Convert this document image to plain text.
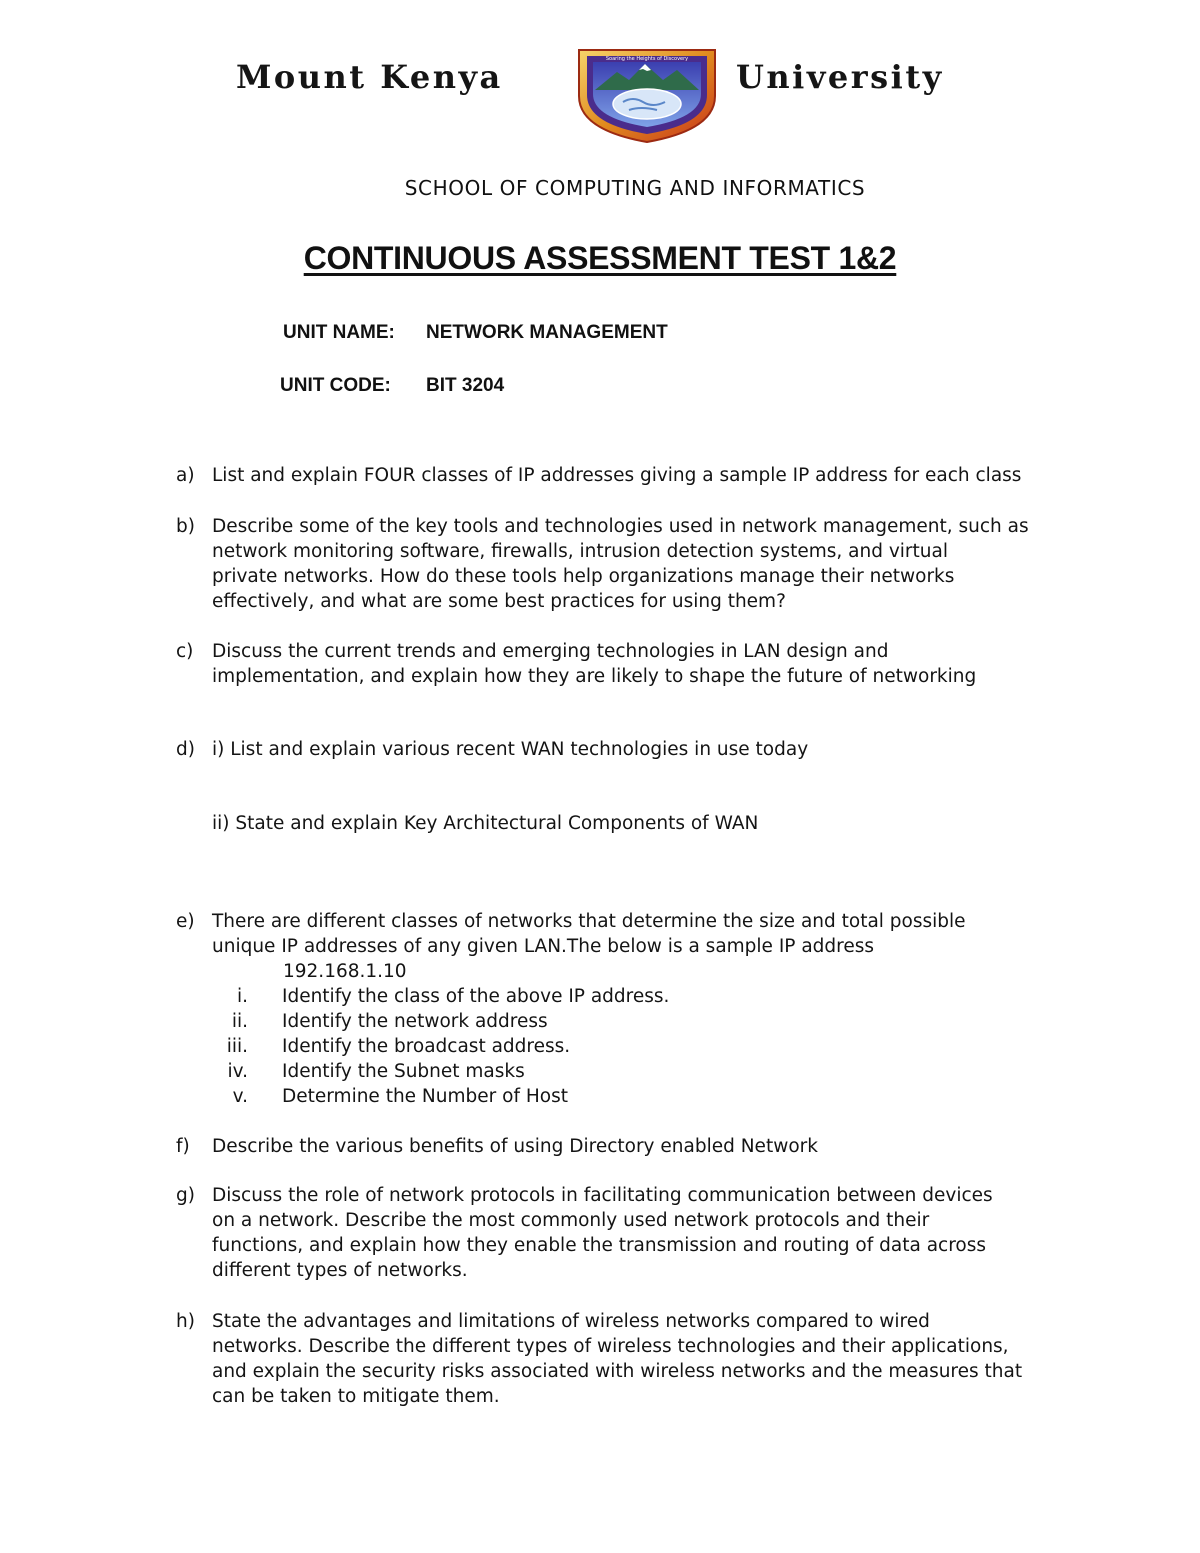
Mount Kenya	Soaring the Heights of Discovery University
SCHOOL OF COMPUTING AND INFORMATICS
CONTINUOUS ASSESSMENT TEST 1&2
UNIT NAME: NETWORK MANAGEMENT
UNIT CODE: BIT 3204
a) List and explain FOUR classes of IP addresses giving a sample IP address for each class
b) Describe some of the key tools and technologies used in network management, such as
network monitoring software, firewalls, intrusion detection systems, and virtual
private networks. How do these tools help organizations manage their networks
effectively, and what are some best practices for using them?
c) Discuss the current trends and emerging technologies in LAN design and
implementation, and explain how they are likely to shape the future of networking
d) i) List and explain various recent WAN technologies in use today
ii) State and explain Key Architectural Components of WAN
e) There are different classes of networks that determine the size and total possible
unique IP addresses of any given LAN.The below is a sample IP address
192.168.1.10
i. Identify the class of the above IP address.
ii. Identify the network address
iii. Identify the broadcast address.
iv. Identify the Subnet masks
v. Determine the Number of Host
f) Describe the various benefits of using Directory enabled Network
g) Discuss the role of network protocols in facilitating communication between devices
on a network. Describe the most commonly used network protocols and their
functions, and explain how they enable the transmission and routing of data across
different types of networks.
h) State the advantages and limitations of wireless networks compared to wired
networks. Describe the different types of wireless technologies and their applications,
and explain the security risks associated with wireless networks and the measures that
can be taken to mitigate them.
